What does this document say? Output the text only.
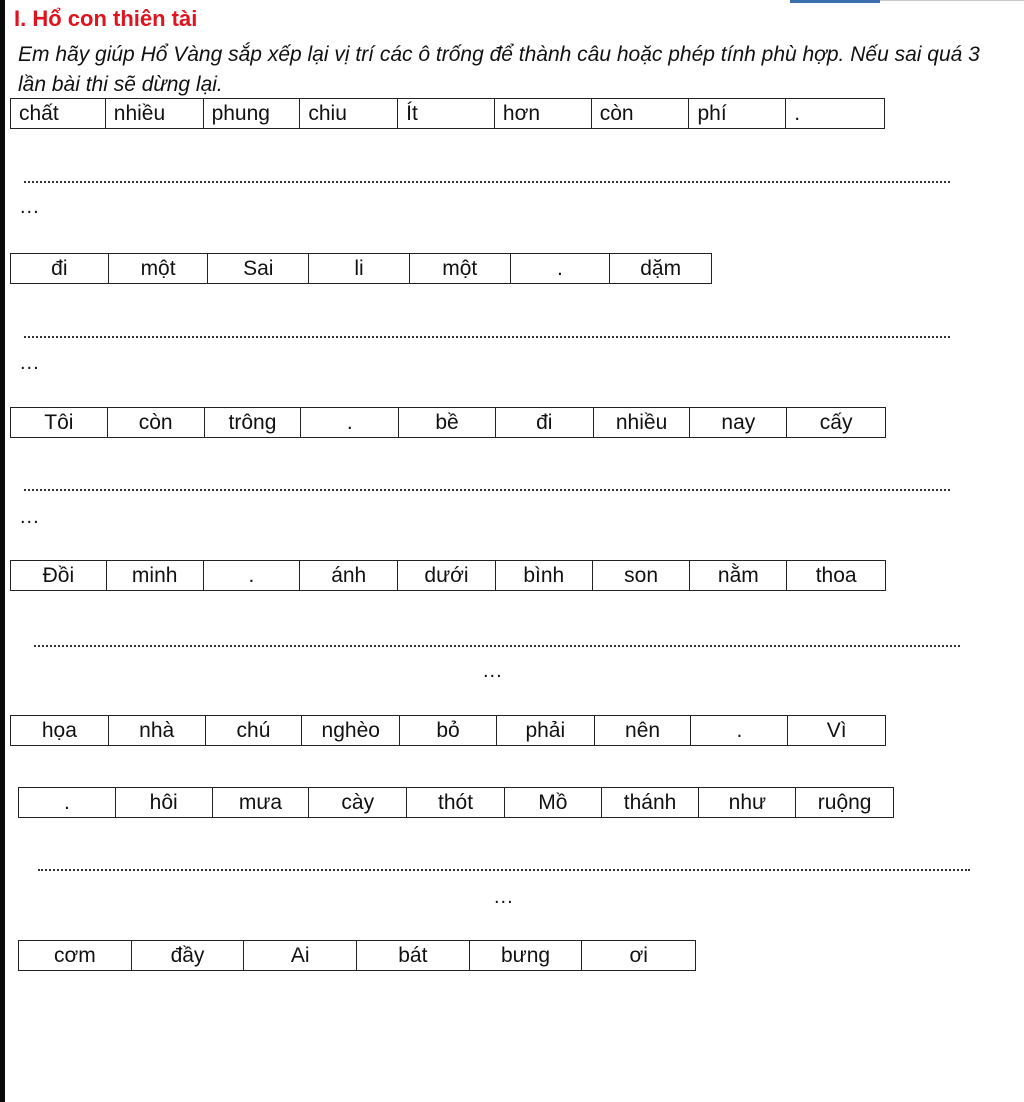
I. Hổ con thiên tài
Em hãy giúp Hổ Vàng sắp xếp lại vị trí các ô trống để thành câu hoặc phép tính phù hợp. Nếu sai quá 3 lần bài thi sẽ dừng lại.
chất	nhiều	phung	chiu	Ít	hơn	còn	phí	.
...
đi	một	Sai	li	một	.	dặm
...
Tôi	còn	trông	.	bề	đi	nhiều	nay	cấy
...
Đồi	minh	.	ánh	dưới	bình	son	nằm	thoa
...
họa	nhà	chú	nghèo	bỏ	phải	nên	.	Vì
.	hôi	mưa	cày	thót	Mồ	thánh	như	ruộng
...
cơm	đầy	Ai	bát	bưng	ơi
